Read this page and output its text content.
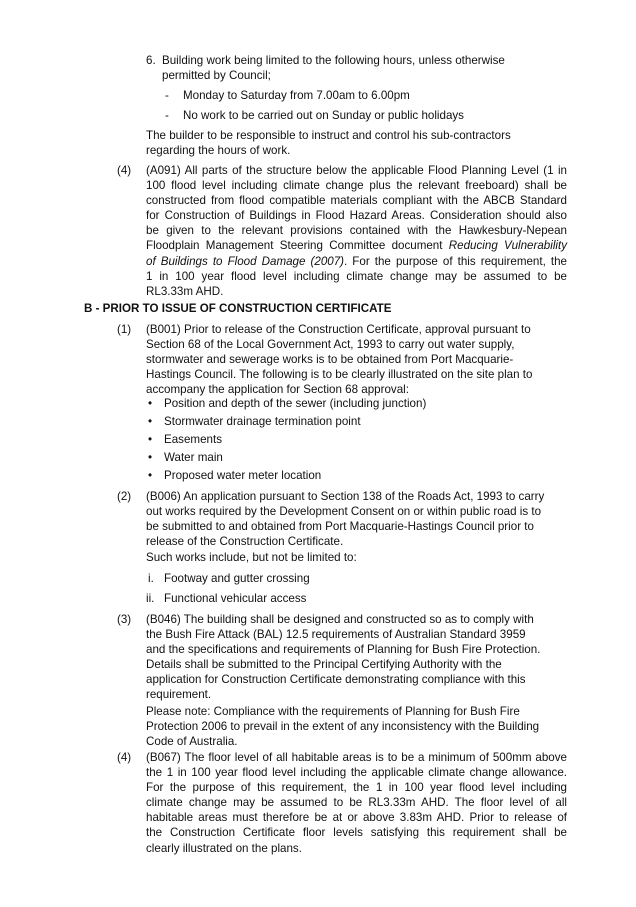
6. Building work being limited to the following hours, unless otherwise
permitted by Council;
- Monday to Saturday from 7.00am to 6.00pm
- No work to be carried out on Sunday or public holidays
The builder to be responsible to instruct and control his sub-contractors
regarding the hours of work.
(4) (A091) All parts of the structure below the applicable Flood Planning Level (1 in
100 flood level including climate change plus the relevant freeboard) shall be
constructed from flood compatible materials compliant with the ABCB Standard
for Construction of Buildings in Flood Hazard Areas. Consideration should also
be given to the relevant provisions contained with the Hawkesbury-Nepean
Floodplain Management Steering Committee document Reducing Vulnerability
of Buildings to Flood Damage (2007). For the purpose of this requirement, the
1 in 100 year flood level including climate change may be assumed to be
RL3.33m AHD.
B - PRIOR TO ISSUE OF CONSTRUCTION CERTIFICATE
(1) (B001) Prior to release of the Construction Certificate, approval pursuant to
Section 68 of the Local Government Act, 1993 to carry out water supply,
stormwater and sewerage works is to be obtained from Port Macquarie-
Hastings Council. The following is to be clearly illustrated on the site plan to
accompany the application for Section 68 approval:
• Position and depth of the sewer (including junction)
• Stormwater drainage termination point
• Easements
• Water main
• Proposed water meter location
(2) (B006) An application pursuant to Section 138 of the Roads Act, 1993 to carry
out works required by the Development Consent on or within public road is to
be submitted to and obtained from Port Macquarie-Hastings Council prior to
release of the Construction Certificate.
Such works include, but not be limited to:
i. Footway and gutter crossing
ii. Functional vehicular access
(3) (B046) The building shall be designed and constructed so as to comply with
the Bush Fire Attack (BAL) 12.5 requirements of Australian Standard 3959
and the specifications and requirements of Planning for Bush Fire Protection.
Details shall be submitted to the Principal Certifying Authority with the
application for Construction Certificate demonstrating compliance with this
requirement.
Please note: Compliance with the requirements of Planning for Bush Fire
Protection 2006 to prevail in the extent of any inconsistency with the Building
Code of Australia.
(4) (B067) The floor level of all habitable areas is to be a minimum of 500mm above
the 1 in 100 year flood level including the applicable climate change allowance.
For the purpose of this requirement, the 1 in 100 year flood level including
climate change may be assumed to be RL3.33m AHD. The floor level of all
habitable areas must therefore be at or above 3.83m AHD. Prior to release of
the Construction Certificate floor levels satisfying this requirement shall be
clearly illustrated on the plans.
